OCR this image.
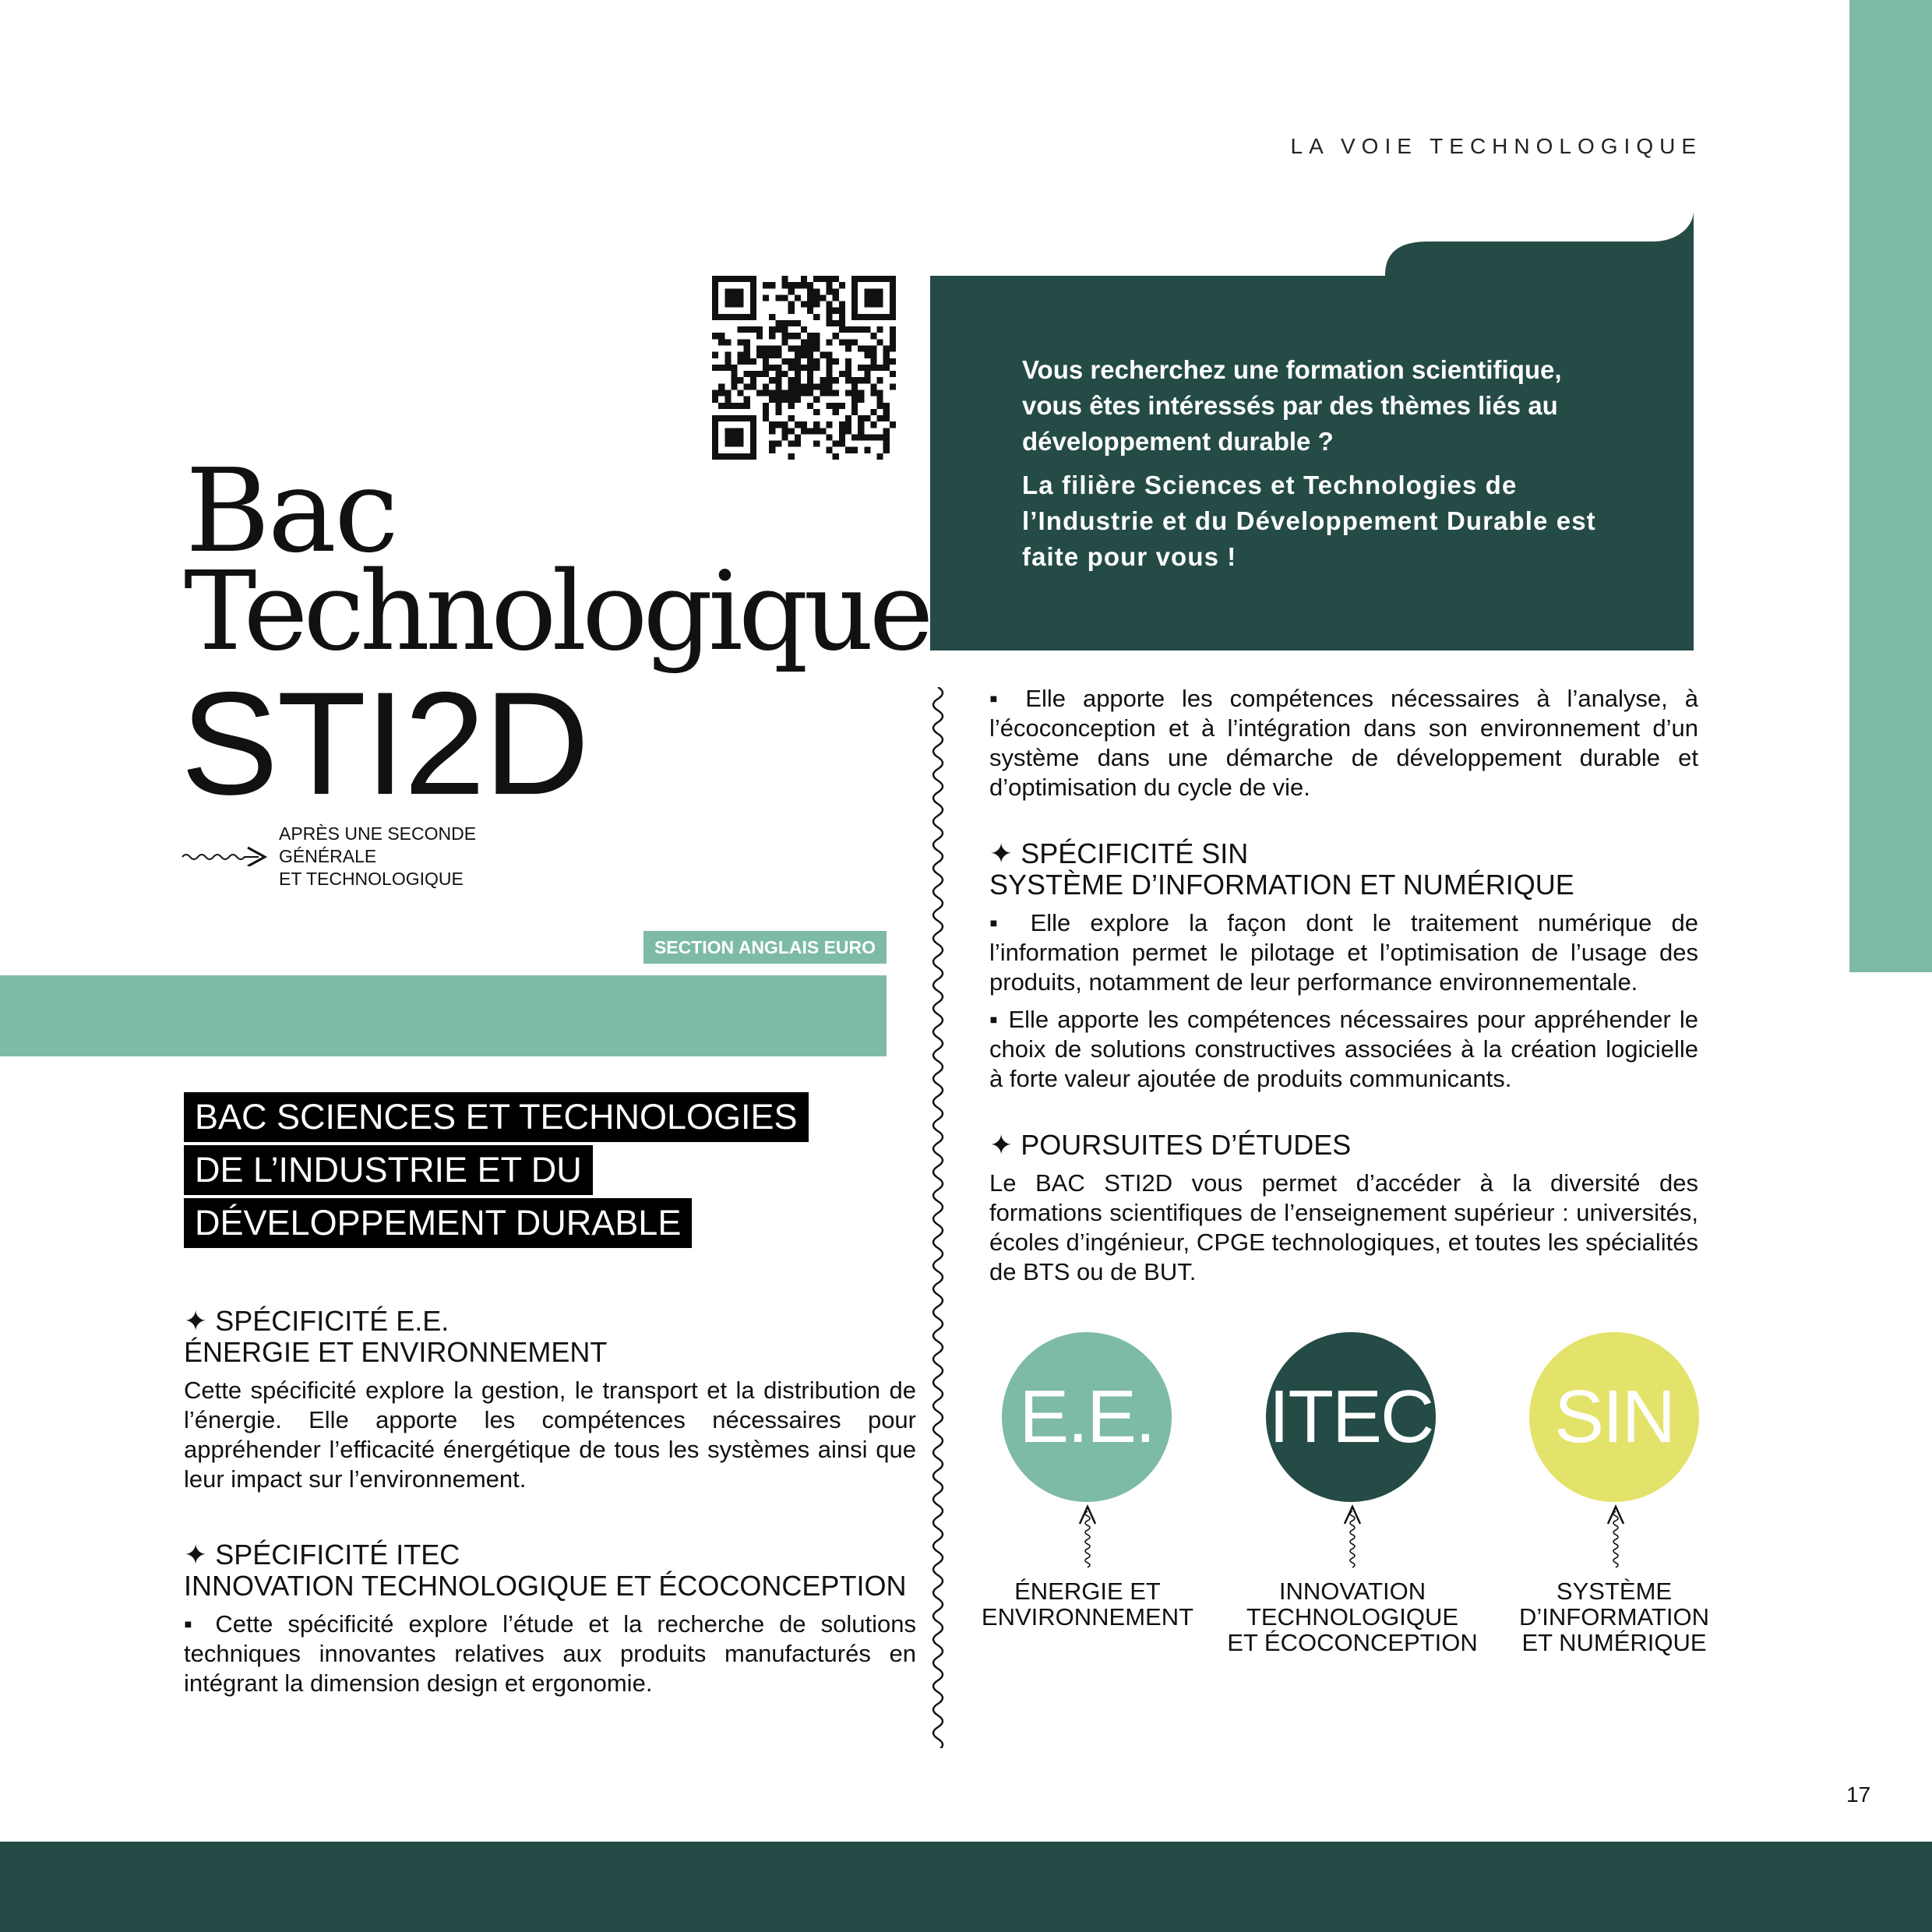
LA VOIE TECHNOLOGIQUE
Bac
Technologique
STI2D
APRÈS UNE SECONDE
GÉNÉRALE
ET TECHNOLOGIQUE
SECTION ANGLAIS EURO

Vous recherchez une formation scientifique, vous êtes intéressés par des thèmes liés au développement durable ?

La filière Sciences et Technologies de l’Industrie et du Développement Durable est faite pour vous !

BAC SCIENCES ET TECHNOLOGIES
DE L’INDUSTRIE ET DU
DÉVELOPPEMENT DURABLE
✦ SPÉCIFICITÉ E.E.
ÉNERGIE ET ENVIRONNEMENT
Cette spécificité explore la gestion, le transport et la distribution de l’énergie. Elle apporte les compétences nécessaires pour appréhender l’efficacité énergétique de tous les systèmes ainsi que leur impact sur l’environnement.
✦ SPÉCIFICITÉ ITEC
INNOVATION TECHNOLOGIQUE ET ÉCOCONCEPTION
▪ Cette spécificité explore l’étude et la recherche de solutions techniques innovantes relatives aux produits manufacturés en intégrant la dimension design et ergonomie.
▪ Elle apporte les compétences nécessaires à l’analyse, à l’écoconception et à l’intégration dans son environnement d’un système dans une démarche de développement durable et d’optimisation du cycle de vie.
✦ SPÉCIFICITÉ SIN
SYSTÈME D’INFORMATION ET NUMÉRIQUE

▪ Elle explore la façon dont le traitement numérique de l’information permet le pilotage et l’optimisation de l’usage des produits, notamment de leur performance environnementale.

▪ Elle apporte les compétences nécessaires pour appréhender le choix de solutions constructives associées à la création logicielle à forte valeur ajoutée de produits communicants.

✦ POURSUITES D’ÉTUDES
Le BAC STI2D vous permet d’accéder à la diversité des formations scientifiques de l’enseignement supérieur : universités, écoles d’ingénieur, CPGE technologiques, et toutes les spécialités de BTS ou de BUT.
E.E. ITEC	SIN
ÉNERGIE ET
ENVIRONNEMENT
INNOVATION
TECHNOLOGIQUE
ET ÉCOCONCEPTION
SYSTÈME
D’INFORMATION
ET NUMÉRIQUE
17
